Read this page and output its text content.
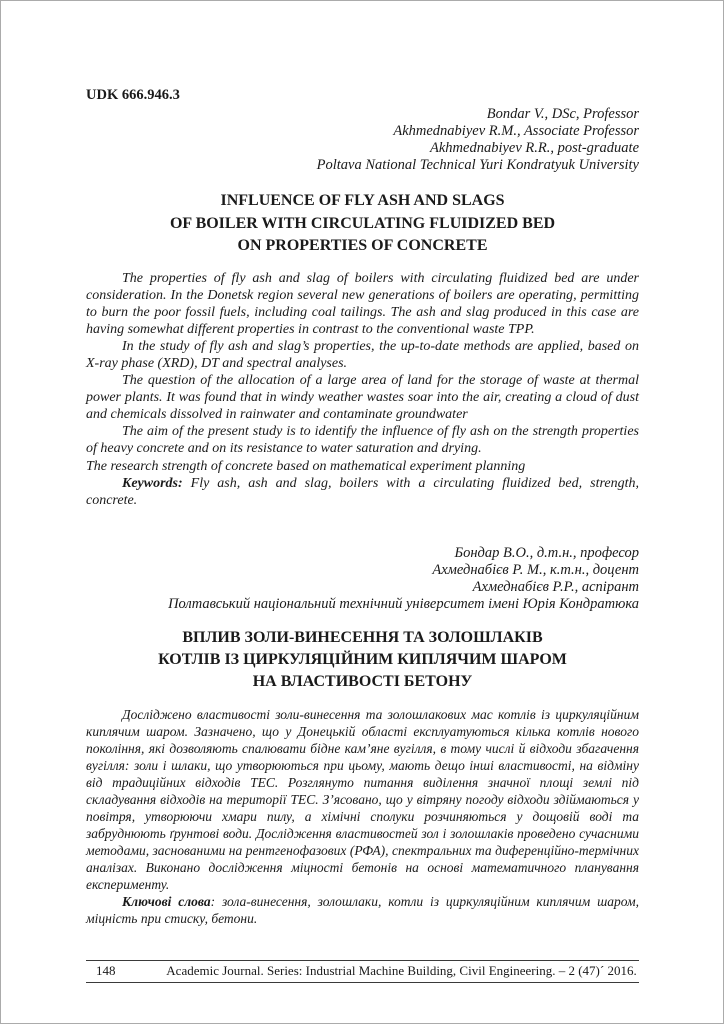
UDK 666.946.3

Bondar V., DSc, Professor
Akhmednabiyev R.M., Associate Professor
Akhmednabiyev R.R., post-graduate
Poltava National Technical Yuri Kondratyuk University
INFLUENCE OF FLY ASH AND SLAGS
OF BOILER WITH CIRCULATING FLUIDIZED BED
ON PROPERTIES OF CONCRETE

The properties of fly ash and slag of boilers with circulating fluidized bed are under consideration. In the Donetsk region several new generations of boilers are operating, permitting to burn the poor fossil fuels, including coal tailings. The ash and slag produced in this case are having somewhat different properties in contrast to the conventional waste TPP.

In the study of fly ash and slag’s properties, the up-to-date methods are applied, based on X-ray phase (XRD), DT and spectral analyses.

The question of the allocation of a large area of land for the storage of waste at thermal power plants. It was found that in windy weather wastes soar into the air, creating a cloud of dust and chemicals dissolved in rainwater and contaminate groundwater

The aim of the present study is to identify the influence of fly ash on the strength properties of heavy concrete and on its resistance to water saturation and drying.

The research strength of concrete based on mathematical experiment planning

Keywords: Fly ash, ash and slag, boilers with a circulating fluidized bed, strength, concrete.

Бондар В.О., д.т.н., професор
Ахмеднабієв Р. М., к.т.н., доцент
Ахмеднабієв Р.Р., аспірант
Полтавський національний технічний університет імені Юрія Кондратюка
ВПЛИВ ЗОЛИ-ВИНЕСЕННЯ ТА ЗОЛОШЛАКІВ
КОТЛІВ ІЗ ЦИРКУЛЯЦІЙНИМ КИПЛЯЧИМ ШАРОМ
НА ВЛАСТИВОСТІ БЕТОНУ

Досліджено властивості золи-винесення та золошлакових мас котлів із циркуляційним киплячим шаром. Зазначено, що у Донецькій області експлуатуються кілька котлів нового покоління, які дозволяють спалювати бідне кам’яне вугілля, в тому числі й відходи збагачення вугілля: золи і шлаки, що утворюються при цьому, мають дещо інші властивості, на відміну від традиційних відходів ТЕС. Розглянуто питання виділення значної площі землі під складування відходів на території ТЕС. З’ясовано, що у вітряну погоду відходи здіймаються у повітря, утворюючи хмари пилу, а хімічні сполуки розчиняються у дощовій воді та забруднюють ґрунтові води. Дослідження властивостей зол і золошлаків проведено сучасними методами, заснованими на рентгенофазових (РФА), спектральних та диференційно-термічних аналізах. Виконано дослідження міцності бетонів на основі математичного планування експерименту.

Ключові слова: зола-винесення, золошлаки, котли із циркуляційним киплячим шаром, міцність при стиску, бетони.

148	Academic Journal. Series: Industrial Machine Building, Civil Engineering. – 2 (47)´ 2016.
